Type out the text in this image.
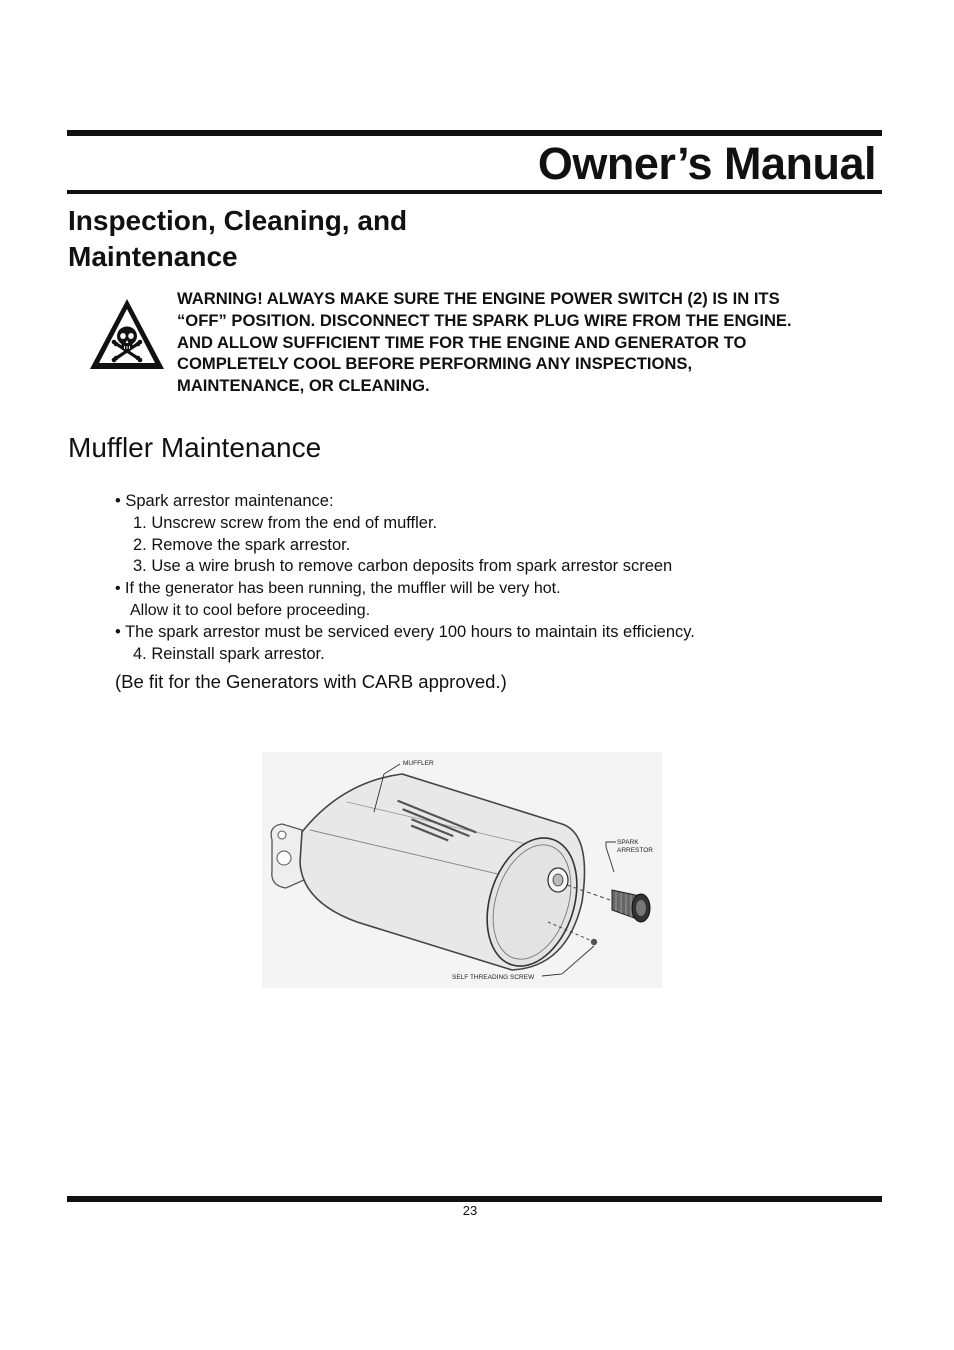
Owner’s Manual
Inspection, Cleaning, and Maintenance
WARNING! ALWAYS MAKE SURE THE ENGINE POWER SWITCH (2) IS IN ITS
“OFF” POSITION. DISCONNECT THE SPARK PLUG WIRE FROM THE ENGINE.
AND ALLOW SUFFICIENT TIME FOR THE ENGINE AND GENERATOR TO
COMPLETELY COOL BEFORE PERFORMING ANY INSPECTIONS,
MAINTENANCE, OR CLEANING.
Muffler Maintenance
• Spark arrestor maintenance:
1. Unscrew screw from the end of muffler.
2. Remove the spark arrestor.
3. Use a wire brush to remove carbon deposits from spark arrestor screen
• If the generator has been running, the muffler will be very hot.
Allow it to cool before proceeding.
• The spark arrestor must be serviced every 100 hours to maintain its efficiency.
4. Reinstall spark arrestor.

(Be fit for the Generators with CARB approved.)

MUFFLER
SPARK
ARRESTOR
SELF THREADING SCREW
23
